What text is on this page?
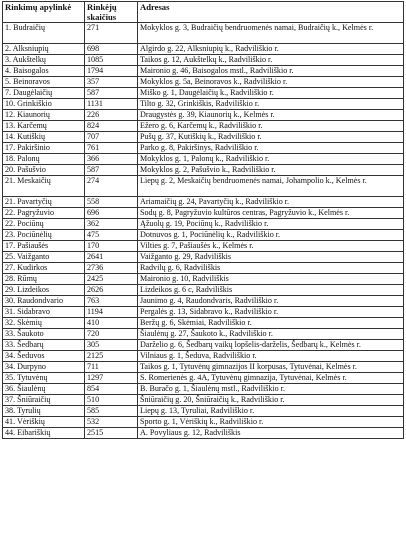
Rinkimų apylinkė	Rinkėjų skaičius	Adresas
1. Budraičių	271	Mokyklos g. 3, Budraičių bendruomenės namai, Budraičių k., Kelmės r.
2. Alksniupių	698	Algirdo g. 22, Alksniupių k., Radviliškio r.
3. Aukštelkų	1085	Taikos g. 12, Aukštelkų k., Radviliškio r.
4. Baisogalos	1794	Maironio g. 46, Baisogalos mstl., Radviliškio r.
5. Beinoravos	357	Mokyklos g. 5a, Beinoravos k., Radviliškio r.
7. Daugėlaičių	587	Miško g. 1, Daugėlaičių k., Radviliškio r.
10. Grinkiškio	1131	Tilto g. 32, Grinkiškis, Radviliškio r.
12. Kiaunorių	226	Draugystės g. 39, Kiaunorių k., Kelmės r.
13. Karčemų	824	Ežero g. 6, Karčemų k., Radviliškio r.
14. Kutiškių	707	Pušų g. 37, Kutiškių k., Radviliškio r.
17. Pakiršinio	761	Parko g. 8, Pakiršinys, Radviliškio r.
18. Palonų	366	Mokyklos g. 1, Palonų k., Radviliškio r.
20. Pašušvio	587	Mokyklos g. 2, Pašušvio k., Radviliškio r.
21. Meskaičių	274	Liepų g. 2, Meskaičių bendruomenės namai, Johampolio k., Kelmės r.
21. Pavartyčių	558	Ariamaičių g. 24, Pavartyčių k., Radviliškio r.
22. Pagryžuvio	696	Sodų g. 8, Pagryžuvio kultūros centras, Pagryžuvio k., Kelmės r.
22. Pociūnų	362	Ąžuolų g. 19, Pociūnų k., Radviliškio r.
23. Pociūnėlių	475	Dotnuvos g. 1, Pociūnėlių k., Radviliškio r.
17. Pašiaušės	170	Vilties g. 7, Pašiaušės k., Kelmės r.
25. Vaižganto	2641	Vaižganto g. 29, Radviliškis
27. Kudirkos	2736	Radvilų g. 6, Radviliškis
28. Rūmų	2425	Maironio g. 10, Radviliškis
29. Lizdeikos	2626	Lizdeikos g. 6 c, Radviliškis
30. Raudondvario	763	Jaunimo g. 4, Raudondvaris, Radviliškio r.
31. Sidabravo	1194	Pergalės g. 13, Sidabravo k., Radviliškio r.
32. Skėmių	410	Beržų g. 6, Skėmiai, Radviliškio r.
33. Šaukoto	720	Šiaulėnų g. 27, Šaukoto k., Radviliškio r.
33. Šedbarų	305	Darželio g. 6, Šedbarų vaikų lopšelis-darželis, Šedbarų k., Kelmės r.
34. Šeduvos	2125	Vilniaus g. 1, Šeduva, Radviliškio r.
34. Durpyno	711	Taikos g. 1, Tytuvėnų gimnazijos II korpusas, Tytuvėnai, Kelmės r.
35. Tytuvėnų	1297	S. Romerienės g. 4A, Tytuvėnų gimnazija, Tytuvėnai, Kelmės r.
36. Šiaulėnų	854	B. Buračo g. 1, Šiaulėnų mstl., Radviliškio r.
37. Šniūraičių	510	Šniūraičių g. 20, Šniūraičių k., Radviliškio r.
38. Tyrulių	585	Liepų g. 13, Tyruliai, Radviliškio r.
41. Vėriškių	532	Sporto g. 1, Vėriškių k., Radviliškio r.
44. Eibariškių	2515	A. Povyliaus g. 12, Radviliškis
